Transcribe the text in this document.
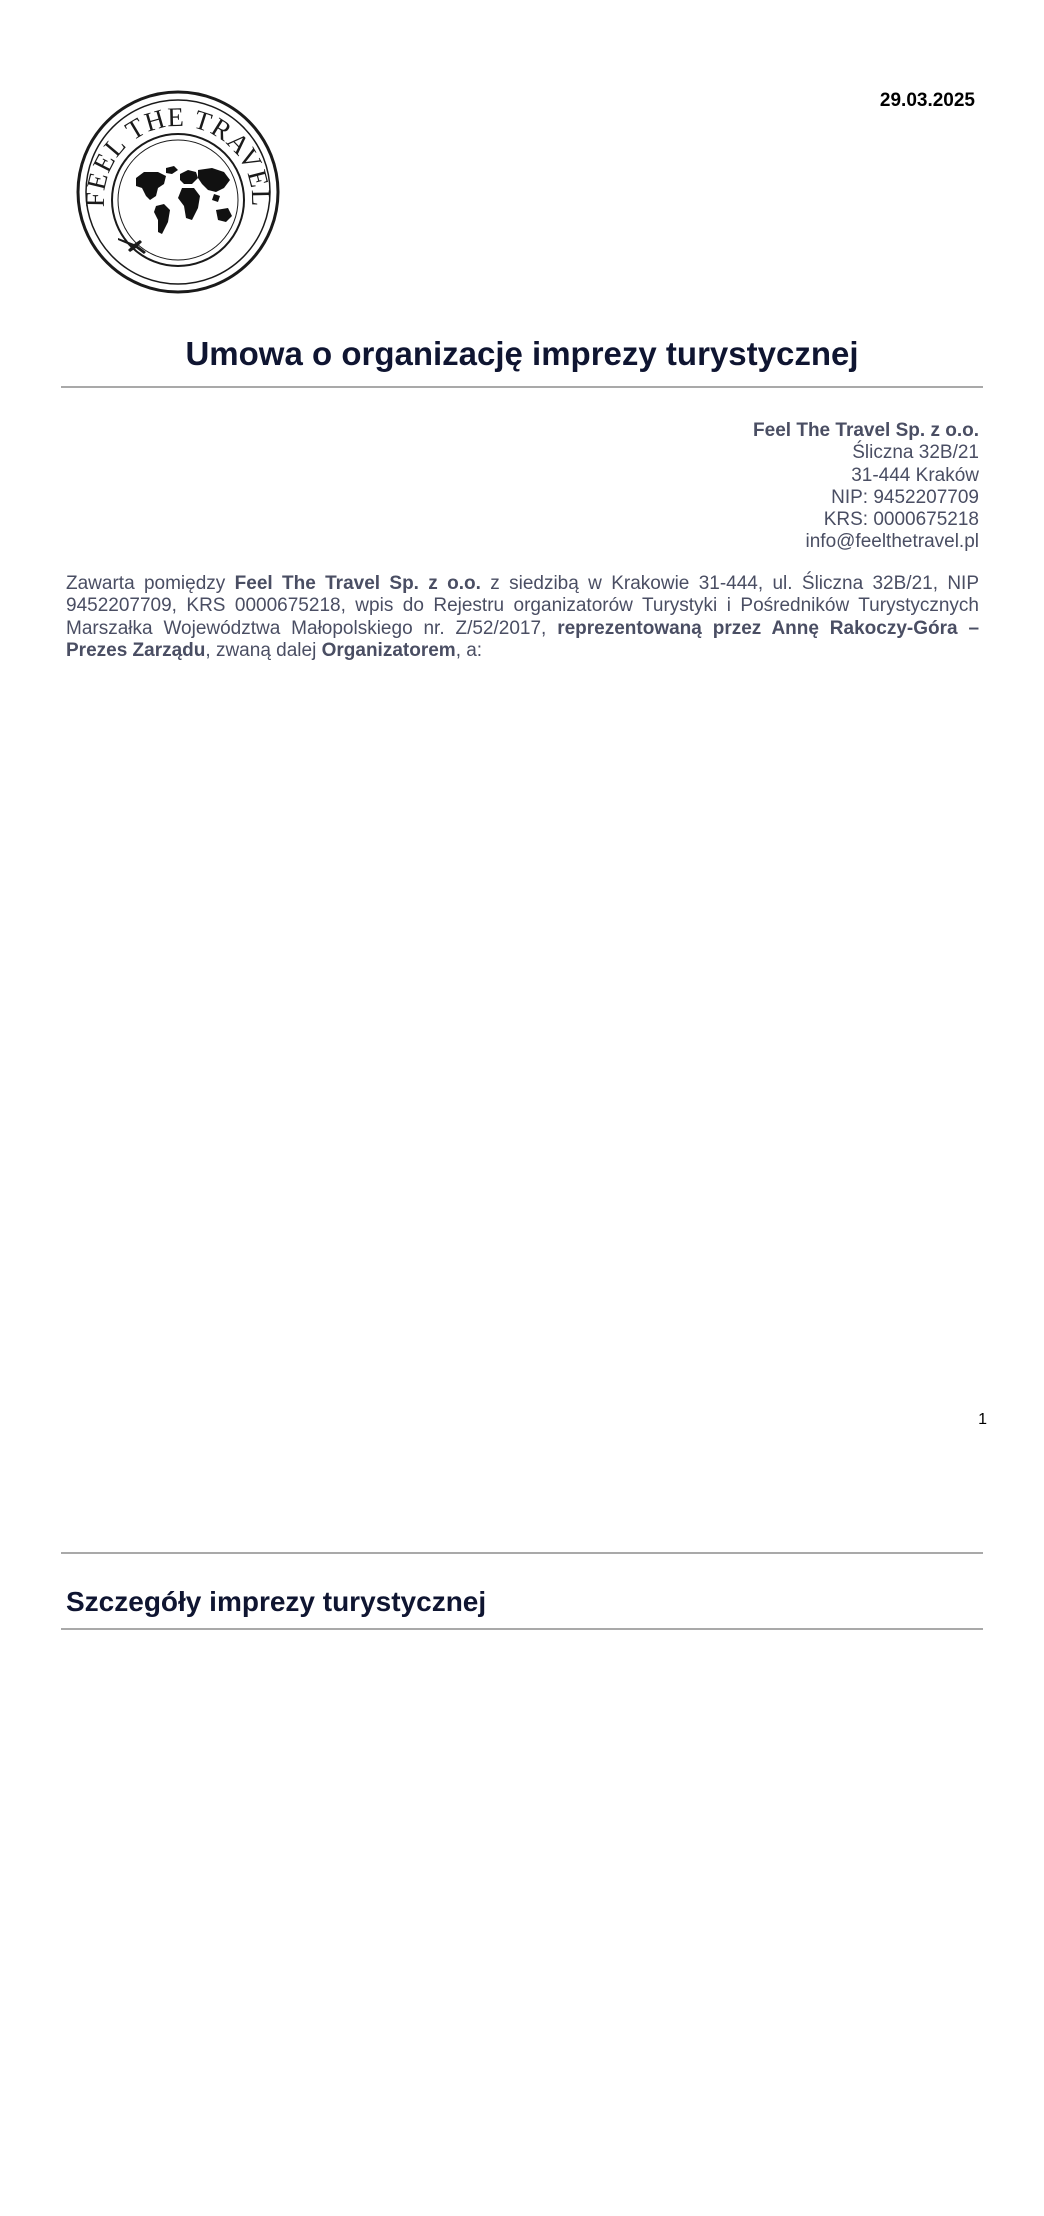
29.03.2025
FEEL THE TRAVEL
Umowa o organizację imprezy turystycznej
Feel The Travel Sp. z o.o.
Śliczna 32B/21
31-444 Kraków
NIP: 9452207709
KRS: 0000675218
info@feelthetravel.pl

Zawarta pomiędzy Feel The Travel Sp. z o.o. z siedzibą w Krakowie 31-444, ul. Śliczna 32B/21, NIP 9452207709, KRS 0000675218, wpis do Rejestru organizatorów Turystyki i Pośredników Turystycznych Marszałka Województwa Małopolskiego nr. Z/52/2017, reprezentowaną przez Annę Rakoczy-Góra – Prezes Zarządu, zwaną dalej Organizatorem, a:

1
Szczegóły imprezy turystycznej
